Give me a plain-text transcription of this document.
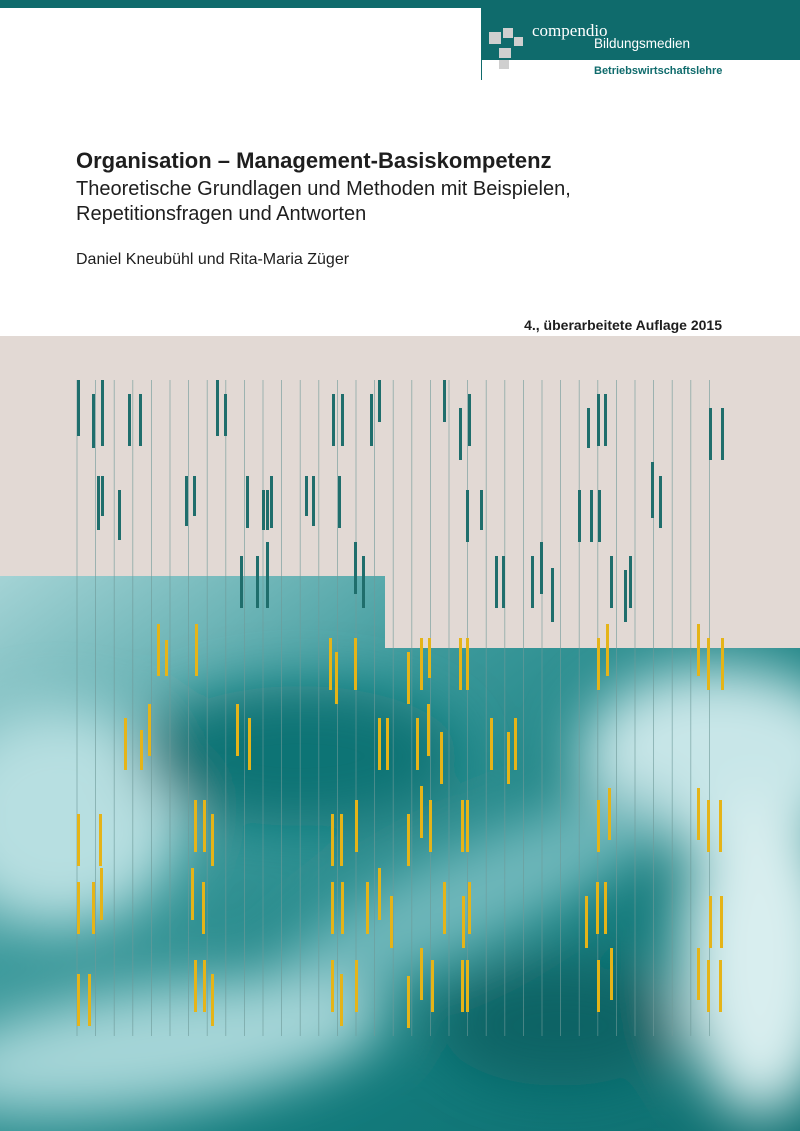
compendio
Bildungsmedien
Betriebswirtschaftslehre
Organisation – Management-Basiskompetenz
Theoretische Grundlagen und Methoden mit Beispielen,
Repetitionsfragen und Antworten
Daniel Kneubühl und Rita-Maria Züger
4., überarbeitete Auflage 2015
